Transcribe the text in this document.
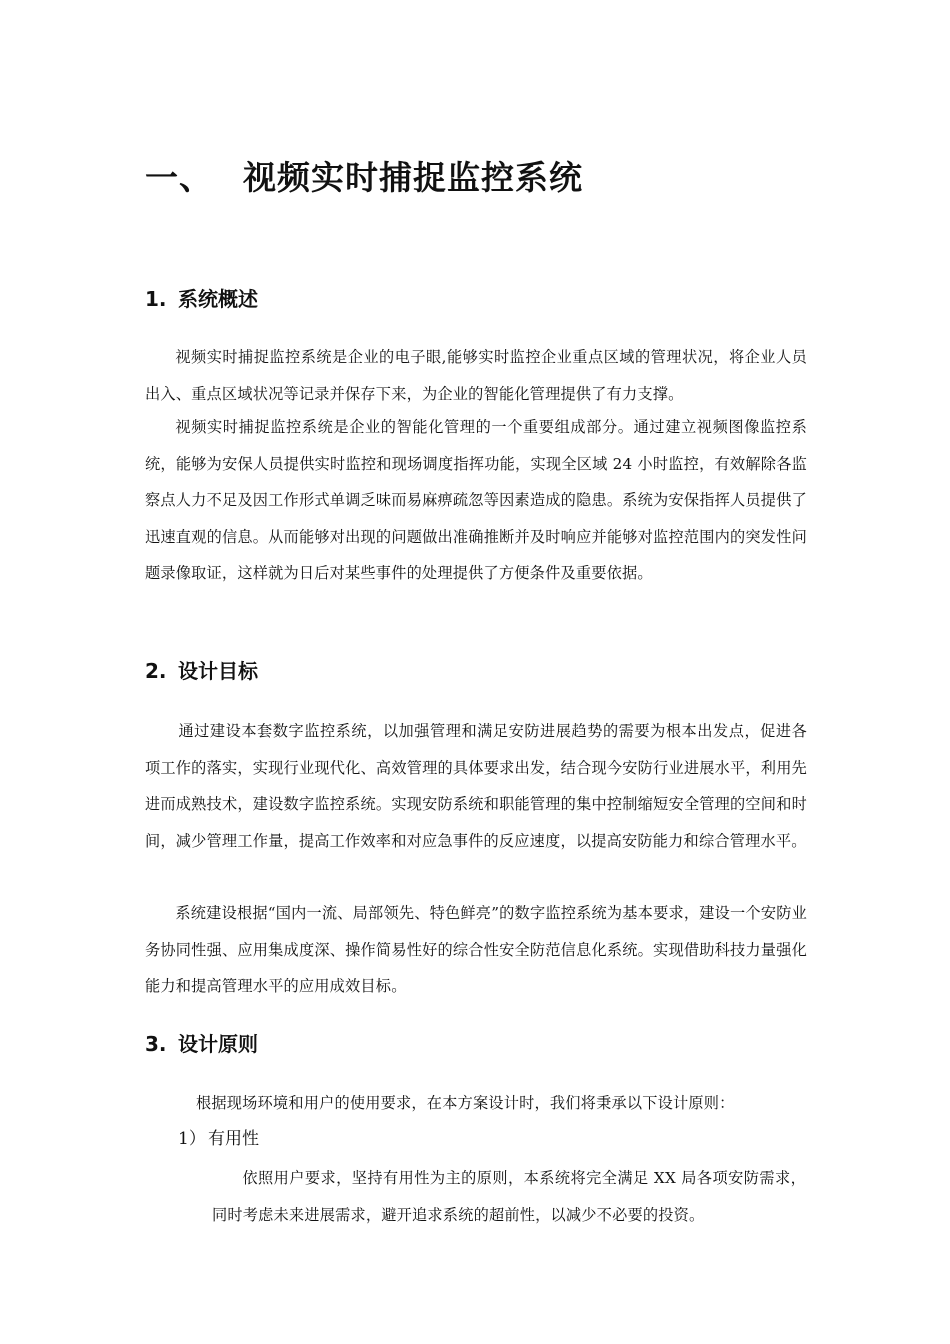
一、 视频实时捕捉监控系统
1. 系统概述

视频实时捕捉监控系统是企业的电子眼,能够实时监控企业重点区域的管理状况，将企业人员出入、重点区域状况等记录并保存下来，为企业的智能化管理提供了有力支撑。

视频实时捕捉监控系统是企业的智能化管理的一个重要组成部分。通过建立视频图像监控系统，能够为安保人员提供实时监控和现场调度指挥功能，实现全区域 24 小时监控，有效解除各监察点人力不足及因工作形式单调乏味而易麻痹疏忽等因素造成的隐患。系统为安保指挥人员提供了迅速直观的信息。从而能够对出现的问题做出准确推断并及时响应并能够对监控范围内的突发性问题录像取证，这样就为日后对某些事件的处理提供了方便条件及重要依据。

2. 设计目标

通过建设本套数字监控系统，以加强管理和满足安防进展趋势的需要为根本出发点，促进各项工作的落实，实现行业现代化、高效管理的具体要求出发，结合现今安防行业进展水平，利用先进而成熟技术，建设数字监控系统。实现安防系统和职能管理的集中控制缩短安全管理的空间和时间，减少管理工作量，提高工作效率和对应急事件的反应速度，以提高安防能力和综合管理水平。

系统建设根据“国内一流、局部领先、特色鲜亮”的数字监控系统为基本要求，建设一个安防业务协同性强、应用集成度深、操作简易性好的综合性安全防范信息化系统。实现借助科技力量强化能力和提高管理水平的应用成效目标。

3. 设计原则

根据现场环境和用户的使用要求，在本方案设计时，我们将秉承以下设计原则：

1） 有用性

依照用户要求，坚持有用性为主的原则，本系统将完全满足 XX 局各项安防需求，同时考虑未来进展需求，避开追求系统的超前性，以减少不必要的投资。
